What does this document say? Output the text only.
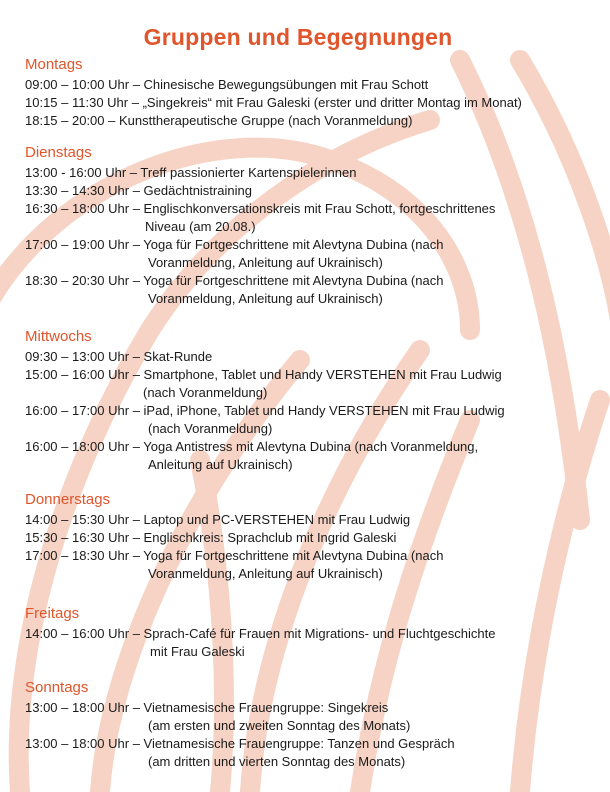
Gruppen und Begegnungen
Montags
09:00 – 10:00 Uhr – Chinesische Bewegungsübungen mit Frau Schott
10:15 – 11:30 Uhr – „Singekreis“ mit Frau Galeski (erster und dritter Montag im Monat)
18:15 – 20:00 – Kunsttherapeutische Gruppe (nach Voranmeldung)
Dienstags
13:00 - 16:00 Uhr – Treff passionierter Kartenspielerinnen
13:30 – 14:30 Uhr – Gedächtnistraining
16:30 – 18:00 Uhr – Englischkonversationskreis mit Frau Schott, fortgeschrittenes
Niveau (am 20.08.)
17:00 – 19:00 Uhr – Yoga für Fortgeschrittene mit Alevtyna Dubina (nach
Voranmeldung, Anleitung auf Ukrainisch)
18:30 – 20:30 Uhr – Yoga für Fortgeschrittene mit Alevtyna Dubina (nach
Voranmeldung, Anleitung auf Ukrainisch)
Mittwochs
09:30 – 13:00 Uhr – Skat-Runde
15:00 – 16:00 Uhr – Smartphone, Tablet und Handy VERSTEHEN mit Frau Ludwig
(nach Voranmeldung)
16:00 – 17:00 Uhr – iPad, iPhone, Tablet und Handy VERSTEHEN mit Frau Ludwig
(nach Voranmeldung)
16:00 – 18:00 Uhr – Yoga Antistress mit Alevtyna Dubina (nach Voranmeldung,
Anleitung auf Ukrainisch)
Donnerstags
14:00 – 15:30 Uhr – Laptop und PC-VERSTEHEN mit Frau Ludwig
15:30 – 16:30 Uhr – Englischkreis: Sprachclub mit Ingrid Galeski
17:00 – 18:30 Uhr – Yoga für Fortgeschrittene mit Alevtyna Dubina (nach
Voranmeldung, Anleitung auf Ukrainisch)
Freitags
14:00 – 16:00 Uhr – Sprach-Café für Frauen mit Migrations- und Fluchtgeschichte
mit Frau Galeski
Sonntags
13:00 – 18:00 Uhr – Vietnamesische Frauengruppe: Singekreis
(am ersten und zweiten Sonntag des Monats)
13:00 – 18:00 Uhr – Vietnamesische Frauengruppe: Tanzen und Gespräch
(am dritten und vierten Sonntag des Monats)
